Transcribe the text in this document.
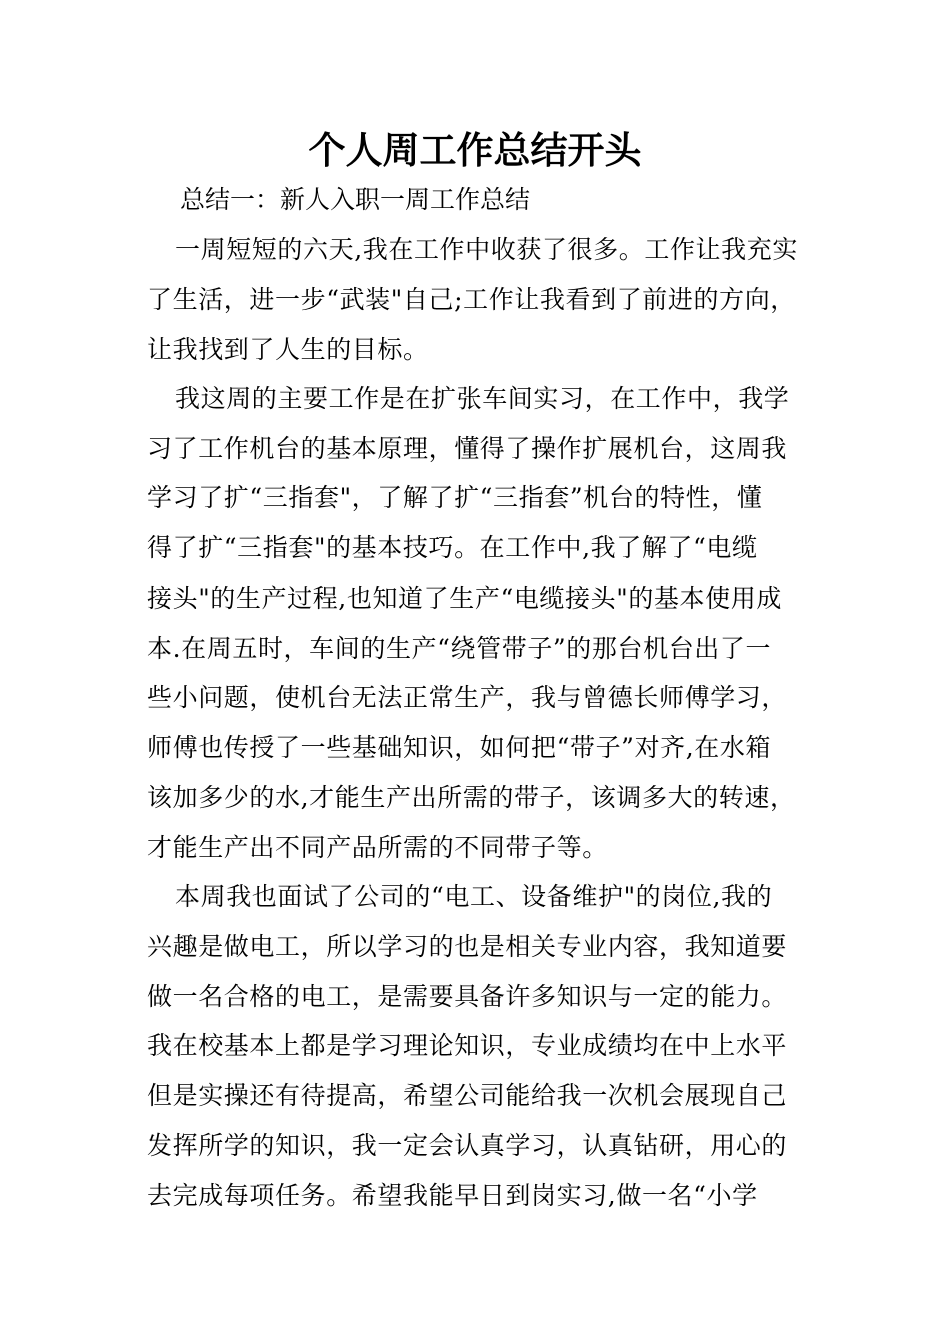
个人周工作总结开头
总结一：新人入职一周工作总结
一周短短的六天,我在工作中收获了很多。工作让我充实
了生活，进一步“武装"自己;工作让我看到了前进的方向，
让我找到了人生的目标。
我这周的主要工作是在扩张车间实习，在工作中，我学
习了工作机台的基本原理，懂得了操作扩展机台，这周我
学习了扩“三指套"，了解了扩“三指套”机台的特性，懂
得了扩“三指套"的基本技巧。在工作中,我了解了“电缆
接头"的生产过程,也知道了生产“电缆接头"的基本使用成
本.在周五时，车间的生产“绕管带子”的那台机台出了一
些小问题，使机台无法正常生产，我与曾德长师傅学习，
师傅也传授了一些基础知识，如何把“带子”对齐,在水箱
该加多少的水,才能生产出所需的带子，该调多大的转速，
才能生产出不同产品所需的不同带子等。
本周我也面试了公司的“电工、设备维护"的岗位,我的
兴趣是做电工，所以学习的也是相关专业内容，我知道要
做一名合格的电工，是需要具备许多知识与一定的能力。
我在校基本上都是学习理论知识，专业成绩均在中上水平
但是实操还有待提高，希望公司能给我一次机会展现自己
发挥所学的知识，我一定会认真学习，认真钻研，用心的
去完成每项任务。希望我能早日到岗实习,做一名“小学
